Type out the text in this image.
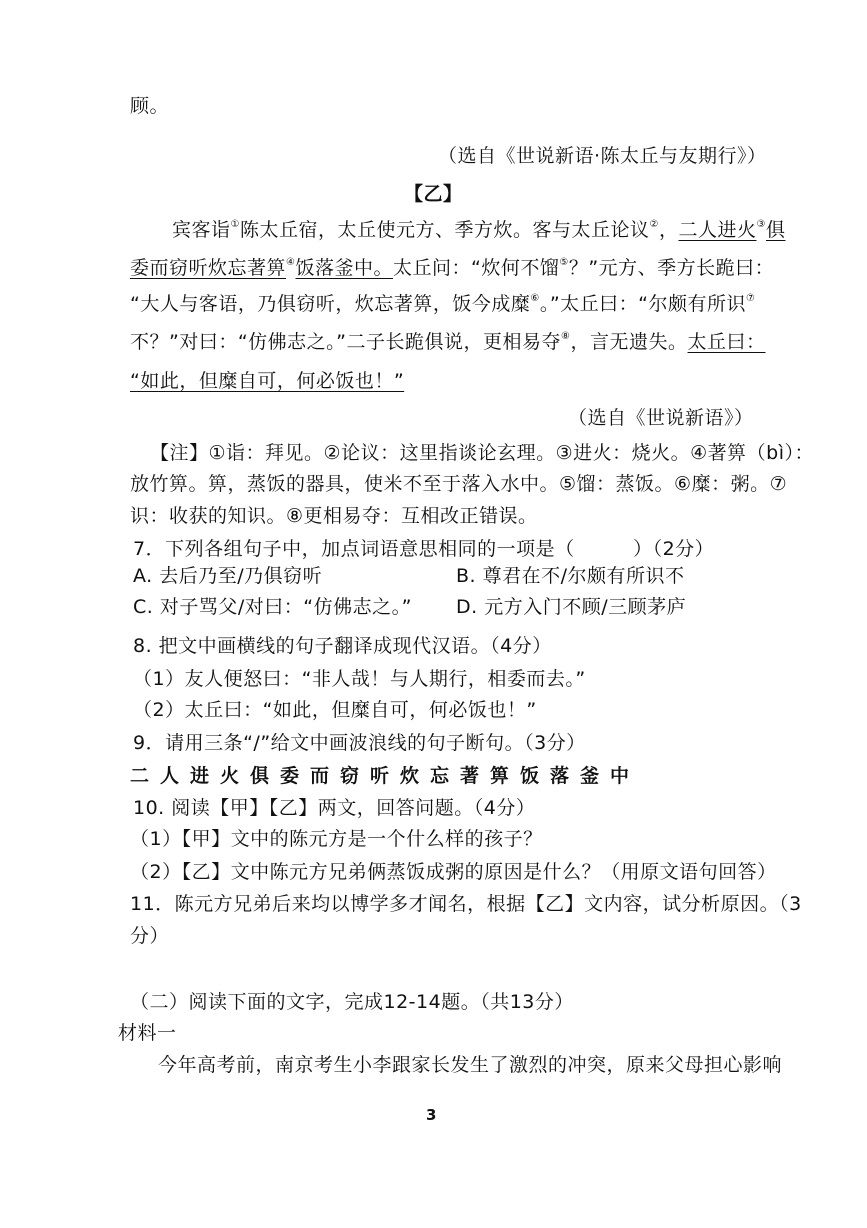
顾。
（选自《世说新语·陈太丘与友期行》）
【乙】
宾客诣①陈太丘宿，太丘使元方、季方炊。客与太丘论议②，二人进火③俱
委而窃听炊忘著箅④饭落釜中。太丘问：“炊何不馏⑤？”元方、季方长跪曰：
“大人与客语，乃俱窃听，炊忘著箅，饭今成糜⑥。”太丘曰：“尔颇有所识⑦
不？”对曰：“仿佛志之。”二子长跪俱说，更相易夺⑧，言无遗失。太丘曰：
“如此，但糜自可，何必饭也！”
（选自《世说新语》）
【注】①诣：拜见。②论议：这里指谈论玄理。③进火：烧火。④著箅（bì）：
放竹箅。箅，蒸饭的器具，使米不至于落入水中。⑤馏：蒸饭。⑥糜：粥。⑦
识：收获的知识。⑧更相易夺：互相改正错误。
7．下列各组句子中，加点词语意思相同的一项是（　　　）（2分）
A. 去后乃至/乃俱窃听	B. 尊君在不/尔颇有所识不
C. 对子骂父/对曰：“仿佛志之。” D. 元方入门不顾/三顾茅庐
8. 把文中画横线的句子翻译成现代汉语。（4分）
（1）友人便怒曰：“非人哉！与人期行，相委而去。”
（2）太丘曰：“如此，但糜自可，何必饭也！”
9．请用三条“/”给文中画波浪线的句子断句。（3分）
二人进火俱委而窃听炊忘著箅饭落釜中
10. 阅读【甲】【乙】两文，回答问题。（4分）
（1）【甲】文中的陈元方是一个什么样的孩子？
（2）【乙】文中陈元方兄弟俩蒸饭成粥的原因是什么？（用原文语句回答）
11．陈元方兄弟后来均以博学多才闻名，根据【乙】文内容，试分析原因。（3
分）
（二）阅读下面的文字，完成12-14题。（共13分）
材料一
今年高考前，南京考生小李跟家长发生了激烈的冲突，原来父母担心影响
3
